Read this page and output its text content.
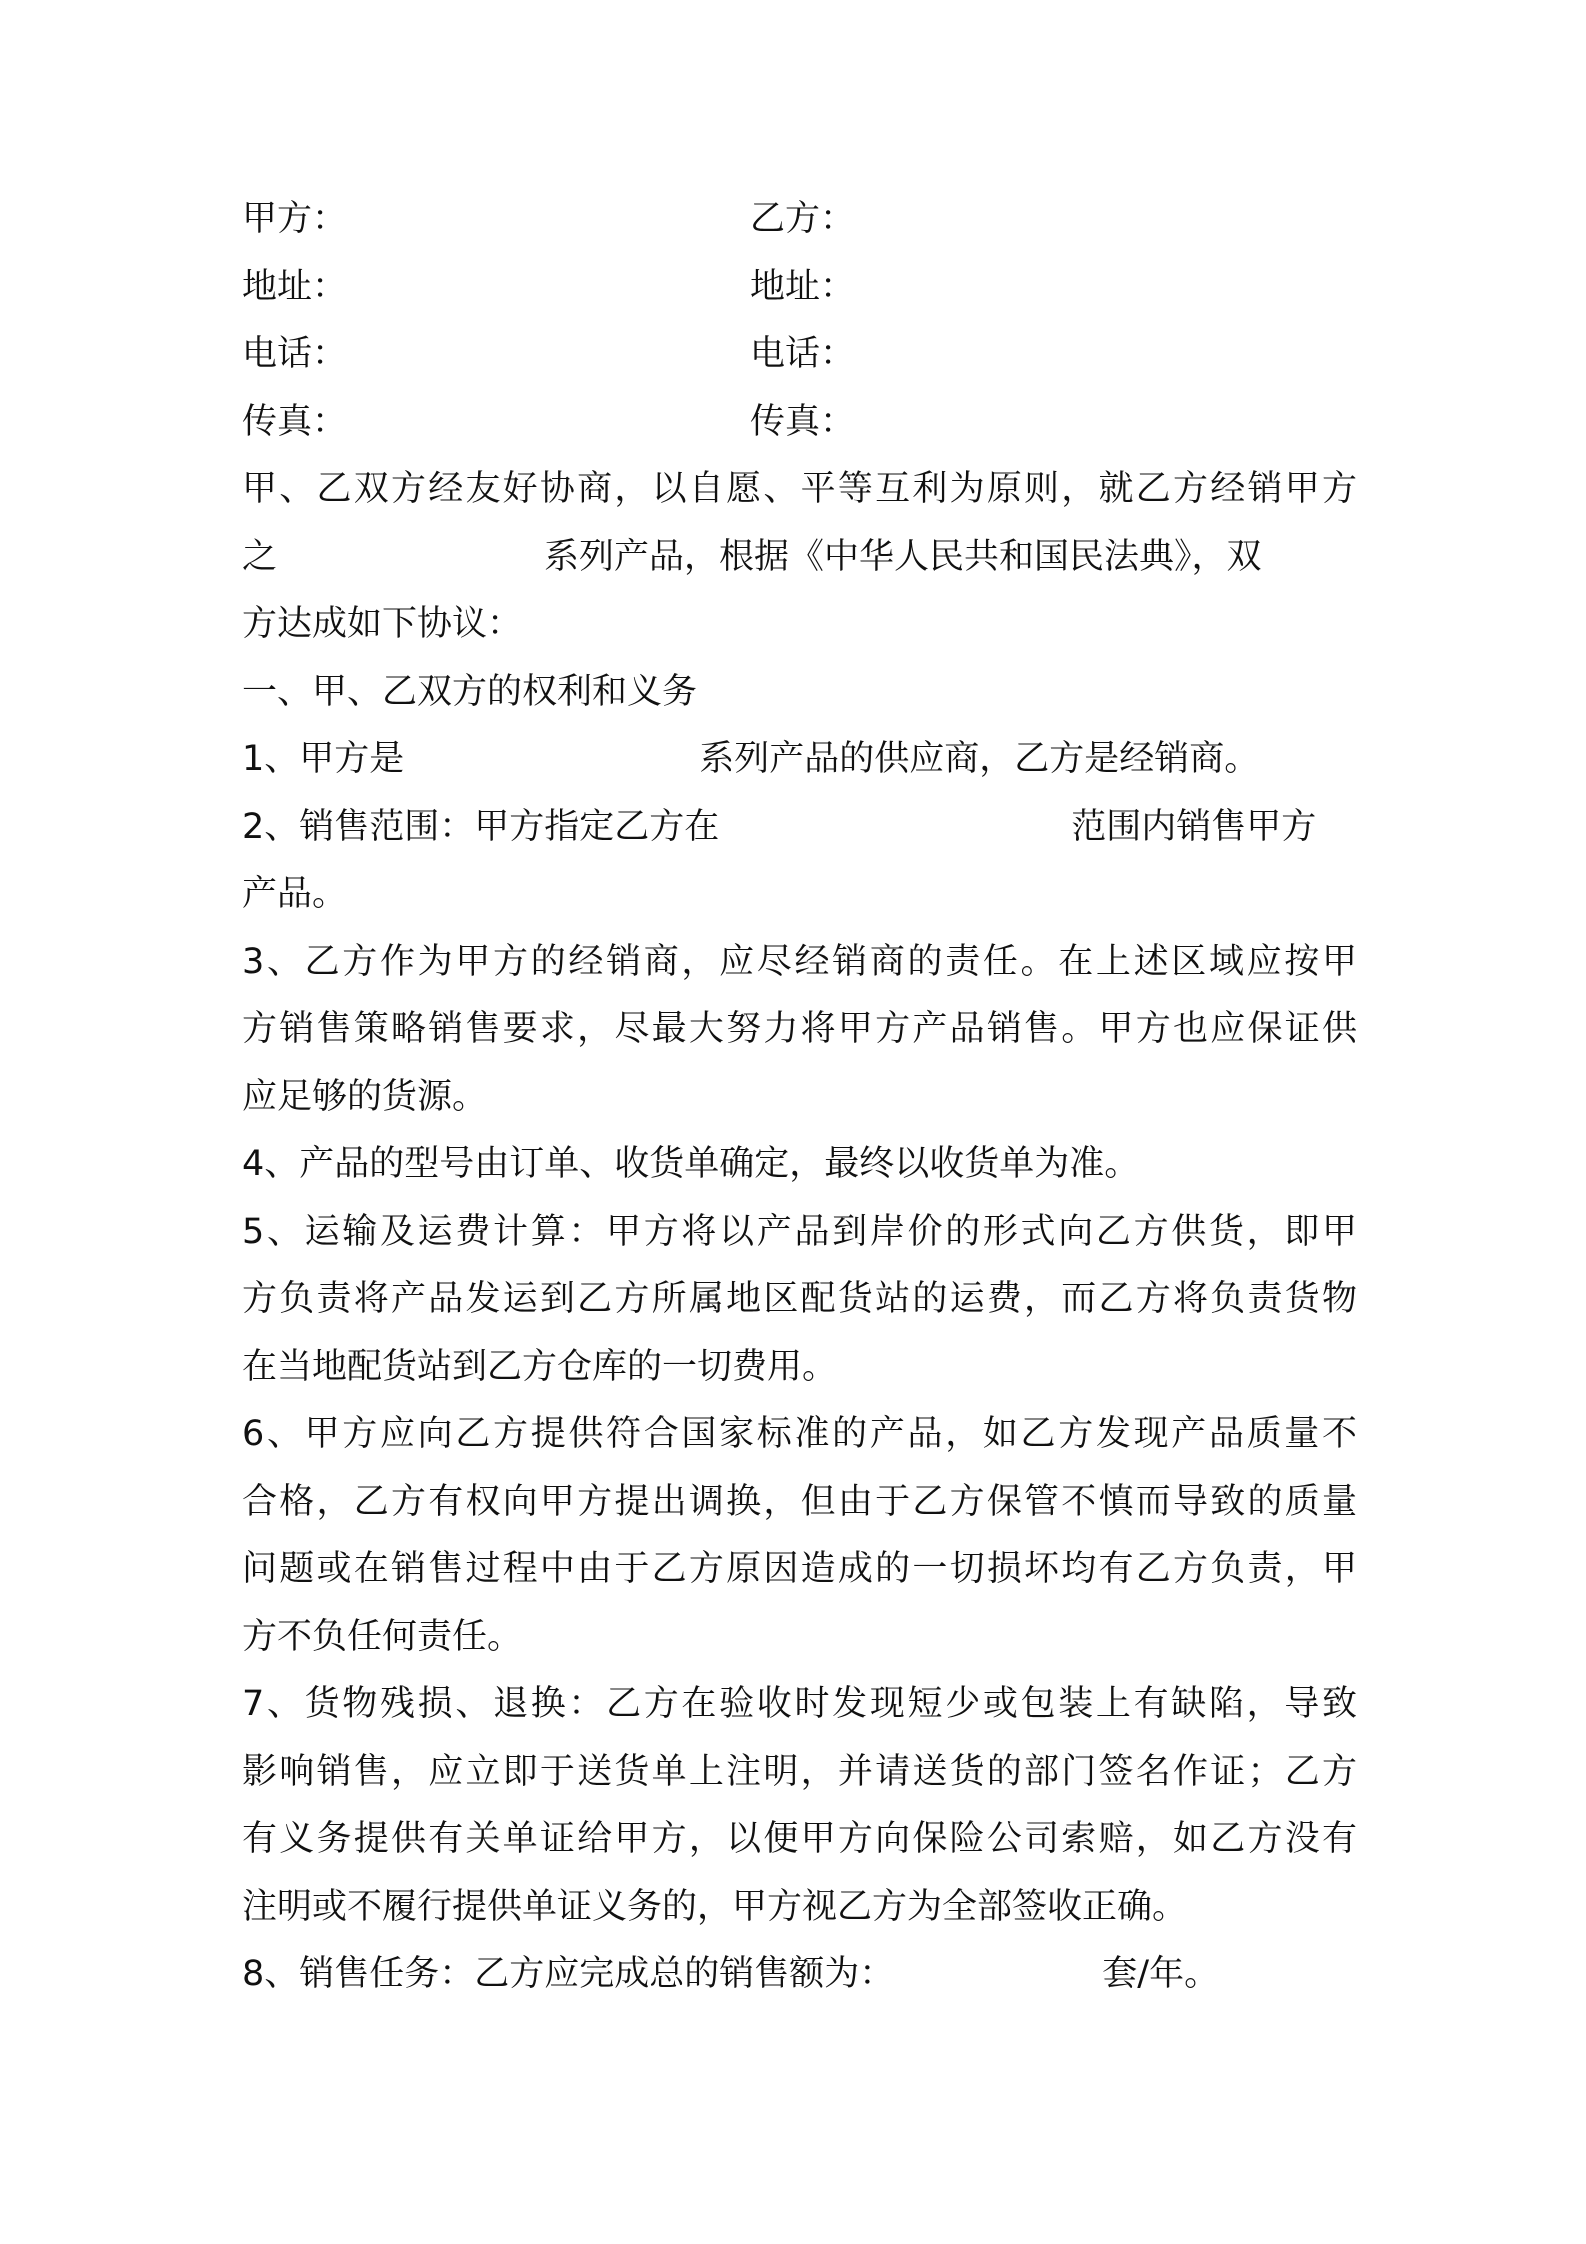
甲方：	乙方：
地址：	地址：
电话：	电话：
传真：	传真：
甲、乙双方经友好协商，以自愿、平等互利为原则，就乙方经销甲方
之	系列产品，根据《中华人民共和国民法典》，双
方达成如下协议：
一、甲、乙双方的权利和义务
1、甲方是	系列产品的供应商，乙方是经销商。
2、销售范围：甲方指定乙方在	范围内销售甲方
产品。
3、乙方作为甲方的经销商，应尽经销商的责任。在上述区域应按甲
方销售策略销售要求，尽最大努力将甲方产品销售。甲方也应保证供
应足够的货源。
4、产品的型号由订单、收货单确定，最终以收货单为准。
5、运输及运费计算：甲方将以产品到岸价的形式向乙方供货，即甲
方负责将产品发运到乙方所属地区配货站的运费，而乙方将负责货物
在当地配货站到乙方仓库的一切费用。
6、甲方应向乙方提供符合国家标准的产品，如乙方发现产品质量不
合格，乙方有权向甲方提出调换，但由于乙方保管不慎而导致的质量
问题或在销售过程中由于乙方原因造成的一切损坏均有乙方负责，甲
方不负任何责任。
7、货物残损、退换：乙方在验收时发现短少或包装上有缺陷，导致
影响销售，应立即于送货单上注明，并请送货的部门签名作证；乙方
有义务提供有关单证给甲方，以便甲方向保险公司索赔，如乙方没有
注明或不履行提供单证义务的，甲方视乙方为全部签收正确。
8、销售任务：乙方应完成总的销售额为：	套/年。
